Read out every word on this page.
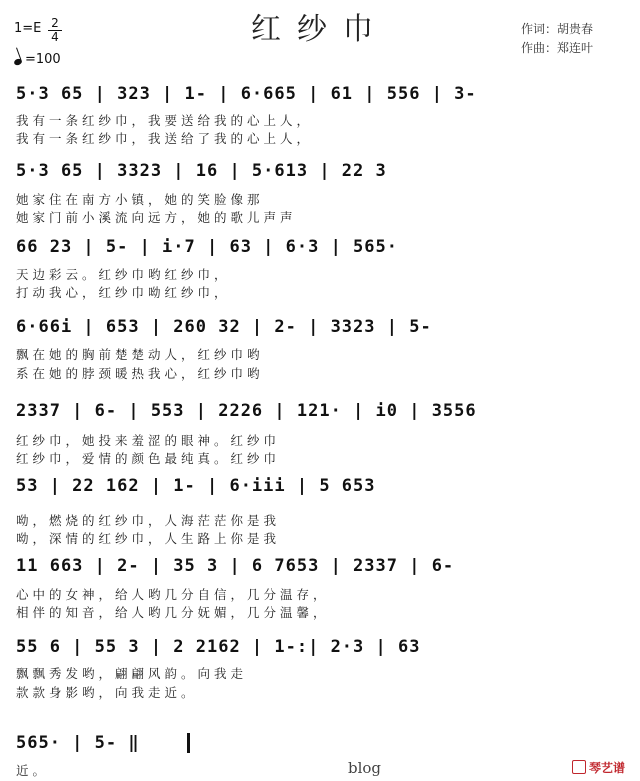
红纱巾
1=E 2
4
=100
作词：胡贵春
作曲：郑连叶
5·3 65 | 323 | 1- | 6·665 | 61 | 556 | 3-
我有一条红纱巾，我要送给我的心上人，
我有一条红纱巾，我送给了我的心上人，
5·3 65 | 3323 | 16 | 5·613 | 22 3
她家住在南方小镇，她的笑脸像那
她家门前小溪流向远方，她的歌儿声声
66 23 | 5- | i·7 | 63 | 6·3 | 565·
天边彩云。红纱巾哟红纱巾，
打动我心，红纱巾呦红纱巾，
6·66i | 653 | 260 32 | 2- | 3323 | 5-
飘在她的胸前楚楚动人，红纱巾哟
系在她的脖颈暖热我心，红纱巾哟
2337 | 6- | 553 | 2226 | 121· | i0 | 3556
红纱巾，她投来羞涩的眼神。红纱巾
红纱巾，爱情的颜色最纯真。红纱巾
53 | 22 162 | 1- | 6·iii | 5 653
呦，燃烧的红纱巾，人海茫茫你是我
呦，深情的红纱巾，人生路上你是我
11 663 | 2- | 35 3 | 6 7653 | 2337 | 6-
心中的女神，给人哟几分自信，几分温存，
相伴的知音，给人哟几分妩媚，几分温馨，
55 6 | 55 3 | 2 2162 | 1-:| 2·3 | 63
飘飘秀发哟，翩翩风韵。向我走
款款身影哟，向我走近。
565· | 5- ‖
近。	blog	琴艺谱
